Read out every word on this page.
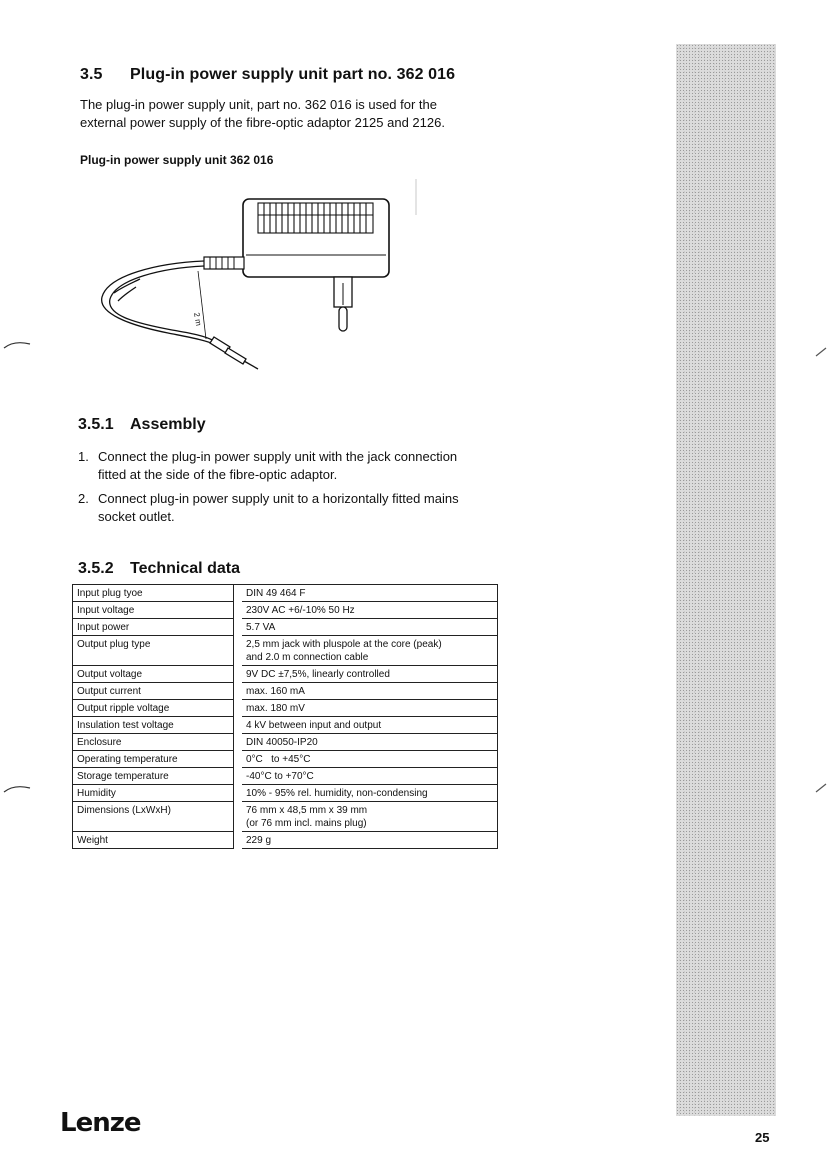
3.5 Plug-in power supply unit part no. 362 016

The plug-in power supply unit, part no. 362 016 is used for the
external power supply of the fibre-optic adaptor 2125 and 2126.

Plug-in power supply unit 362 016

2 m
3.5.1 Assembly
1. Connect the plug-in power supply unit with the jack connection
fitted at the side of the fibre-optic adaptor.
2. Connect plug-in power supply unit to a horizontally fitted mains
socket outlet.
3.5.2 Technical data
Input plug tyoe		DIN 49 464 F
Input voltage		230V AC +6/-10% 50 Hz
Input power		5.7 VA
Output plug type		2,5 mm jack with pluspole at the core (peak)
and 2.0 m connection cable
Output voltage		9V DC ±7,5%, linearly controlled
Output current		max. 160 mA
Output ripple voltage		max. 180 mV
Insulation test voltage		4 kV between input and output
Enclosure		DIN 40050-IP20
Operating temperature		0°C   to +45°C
Storage temperature		-40°C to +70°C
Humidity		10% - 95% rel. humidity, non-condensing
Dimensions (LxWxH)		76 mm x 48,5 mm x 39 mm
(or 76 mm incl. mains plug)
Weight		229 g

Lenze	25
